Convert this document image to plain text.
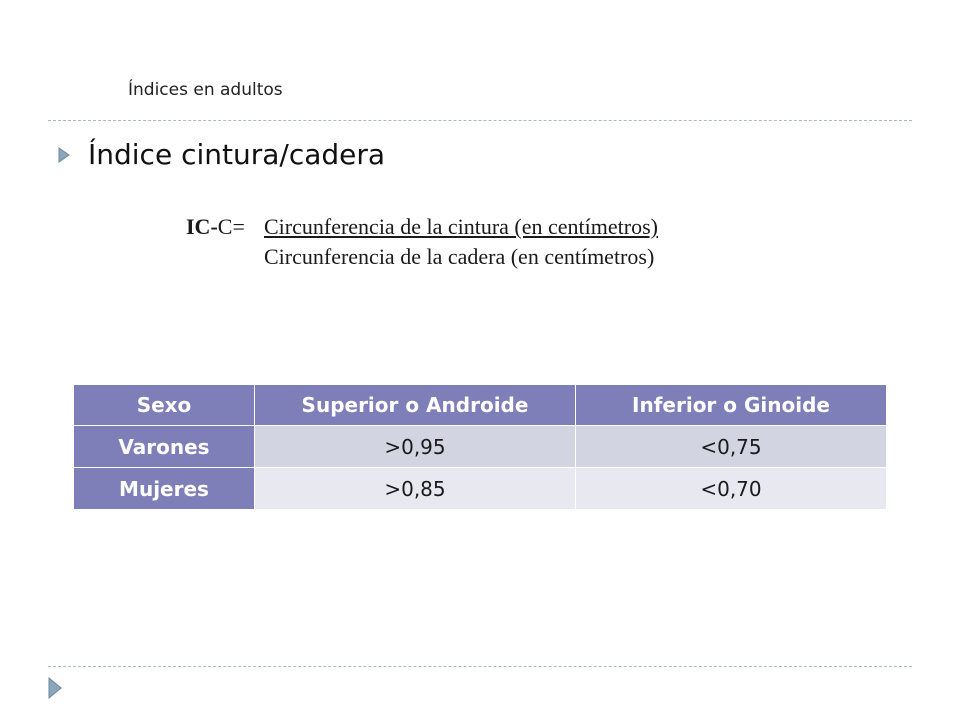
Índices en adultos
Índice cintura/cadera
IC-C= Circunferencia de la cintura (en centímetros)
Circunferencia de la cadera (en centímetros)
Sexo	Superior o Androide	Inferior o Ginoide
Varones	>0,95	<0,75
Mujeres	>0,85	<0,70
